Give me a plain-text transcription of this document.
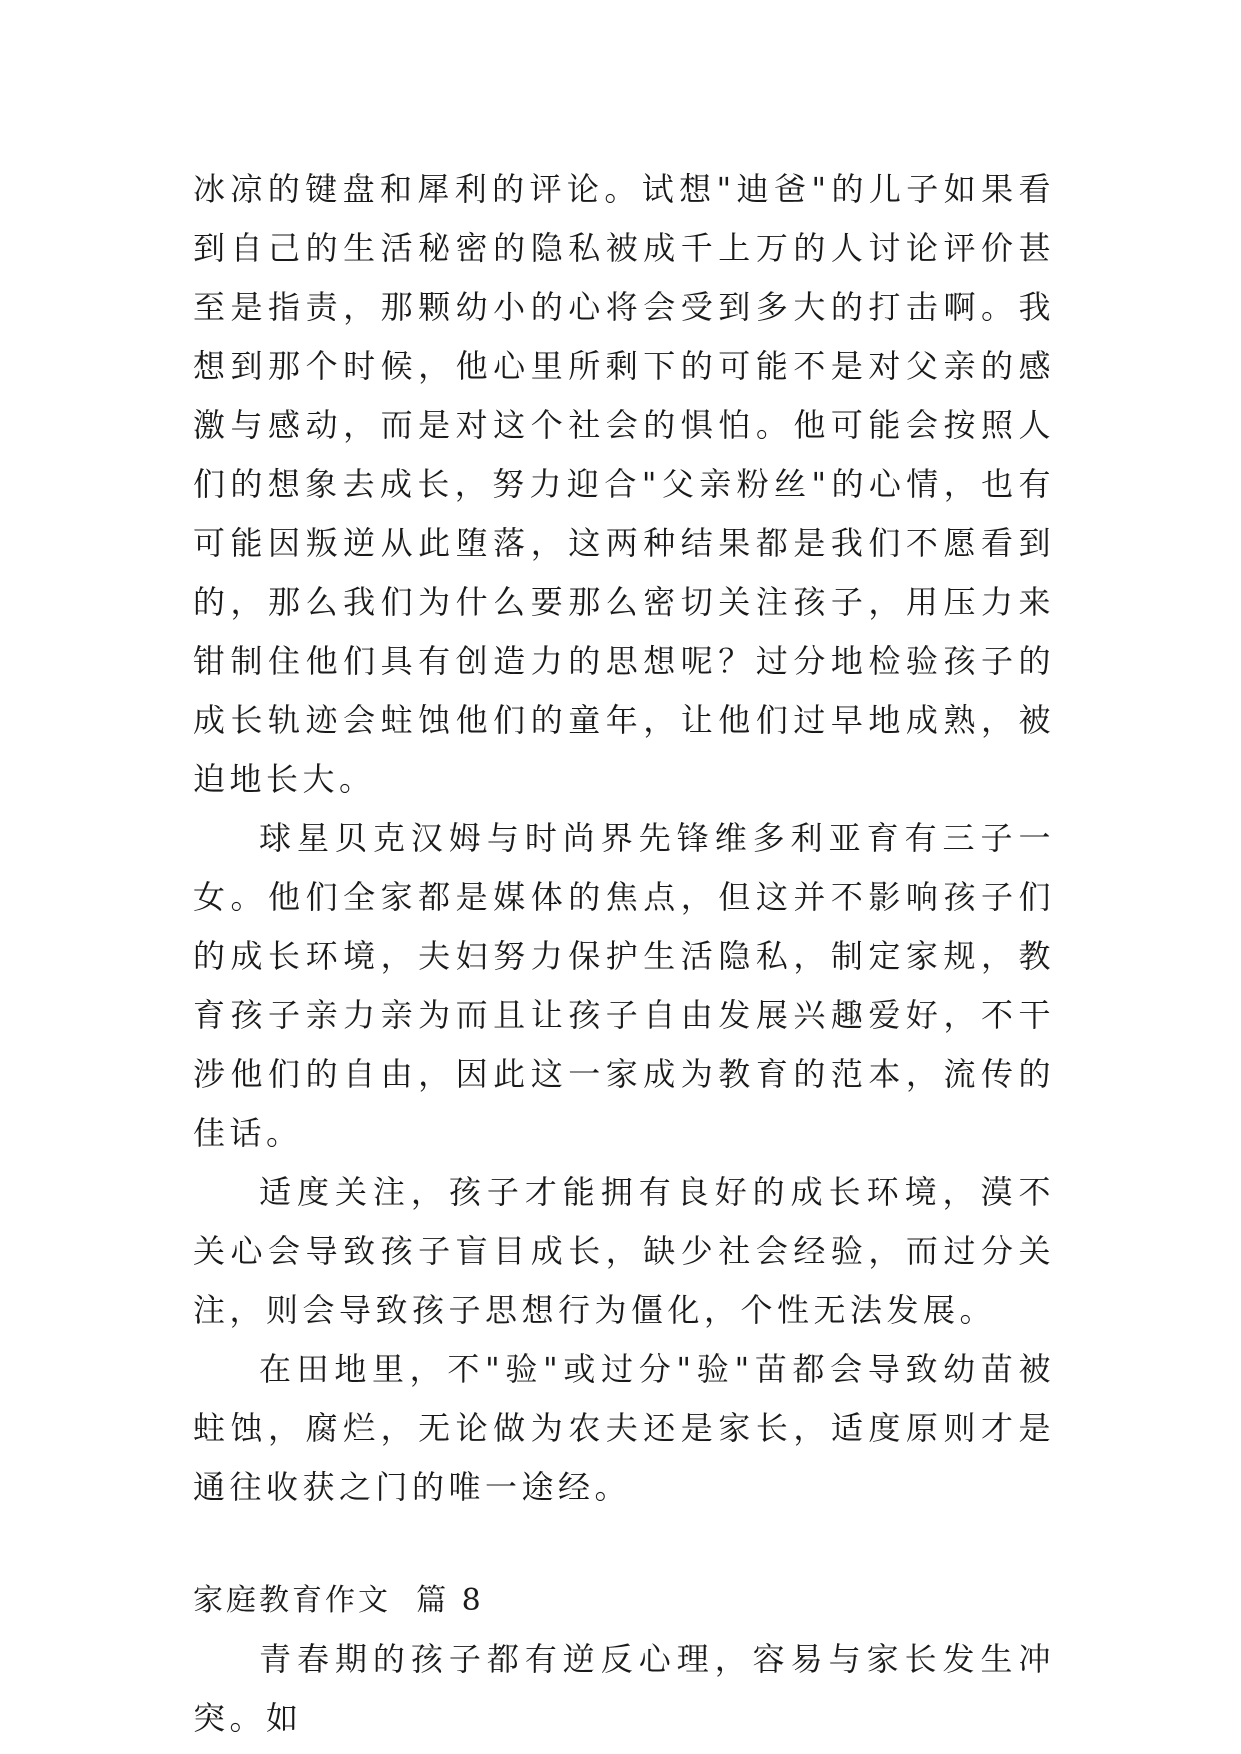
冰凉的键盘和犀利的评论。试想"迪爸"的儿子如果看到自己的生活秘密的隐私被成千上万的人讨论评价甚至是指责，那颗幼小的心将会受到多大的打击啊。我想到那个时候，他心里所剩下的可能不是对父亲的感激与感动，而是对这个社会的惧怕。他可能会按照人们的想象去成长，努力迎合"父亲粉丝"的心情，也有可能因叛逆从此堕落，这两种结果都是我们不愿看到的，那么我们为什么要那么密切关注孩子，用压力来钳制住他们具有创造力的思想呢？过分地检验孩子的成长轨迹会蛀蚀他们的童年，让他们过早地成熟，被迫地长大。

球星贝克汉姆与时尚界先锋维多利亚育有三子一女。他们全家都是媒体的焦点，但这并不影响孩子们的成长环境，夫妇努力保护生活隐私，制定家规，教育孩子亲力亲为而且让孩子自由发展兴趣爱好，不干涉他们的自由，因此这一家成为教育的范本，流传的佳话。

适度关注，孩子才能拥有良好的成长环境，漠不关心会导致孩子盲目成长，缺少社会经验，而过分关注，则会导致孩子思想行为僵化，个性无法发展。

在田地里，不"验"或过分"验"苗都会导致幼苗被蛀蚀，腐烂，无论做为农夫还是家长，适度原则才是通往收获之门的唯一途经。

家庭教育作文  篇 8

青春期的孩子都有逆反心理，容易与家长发生冲突。如
